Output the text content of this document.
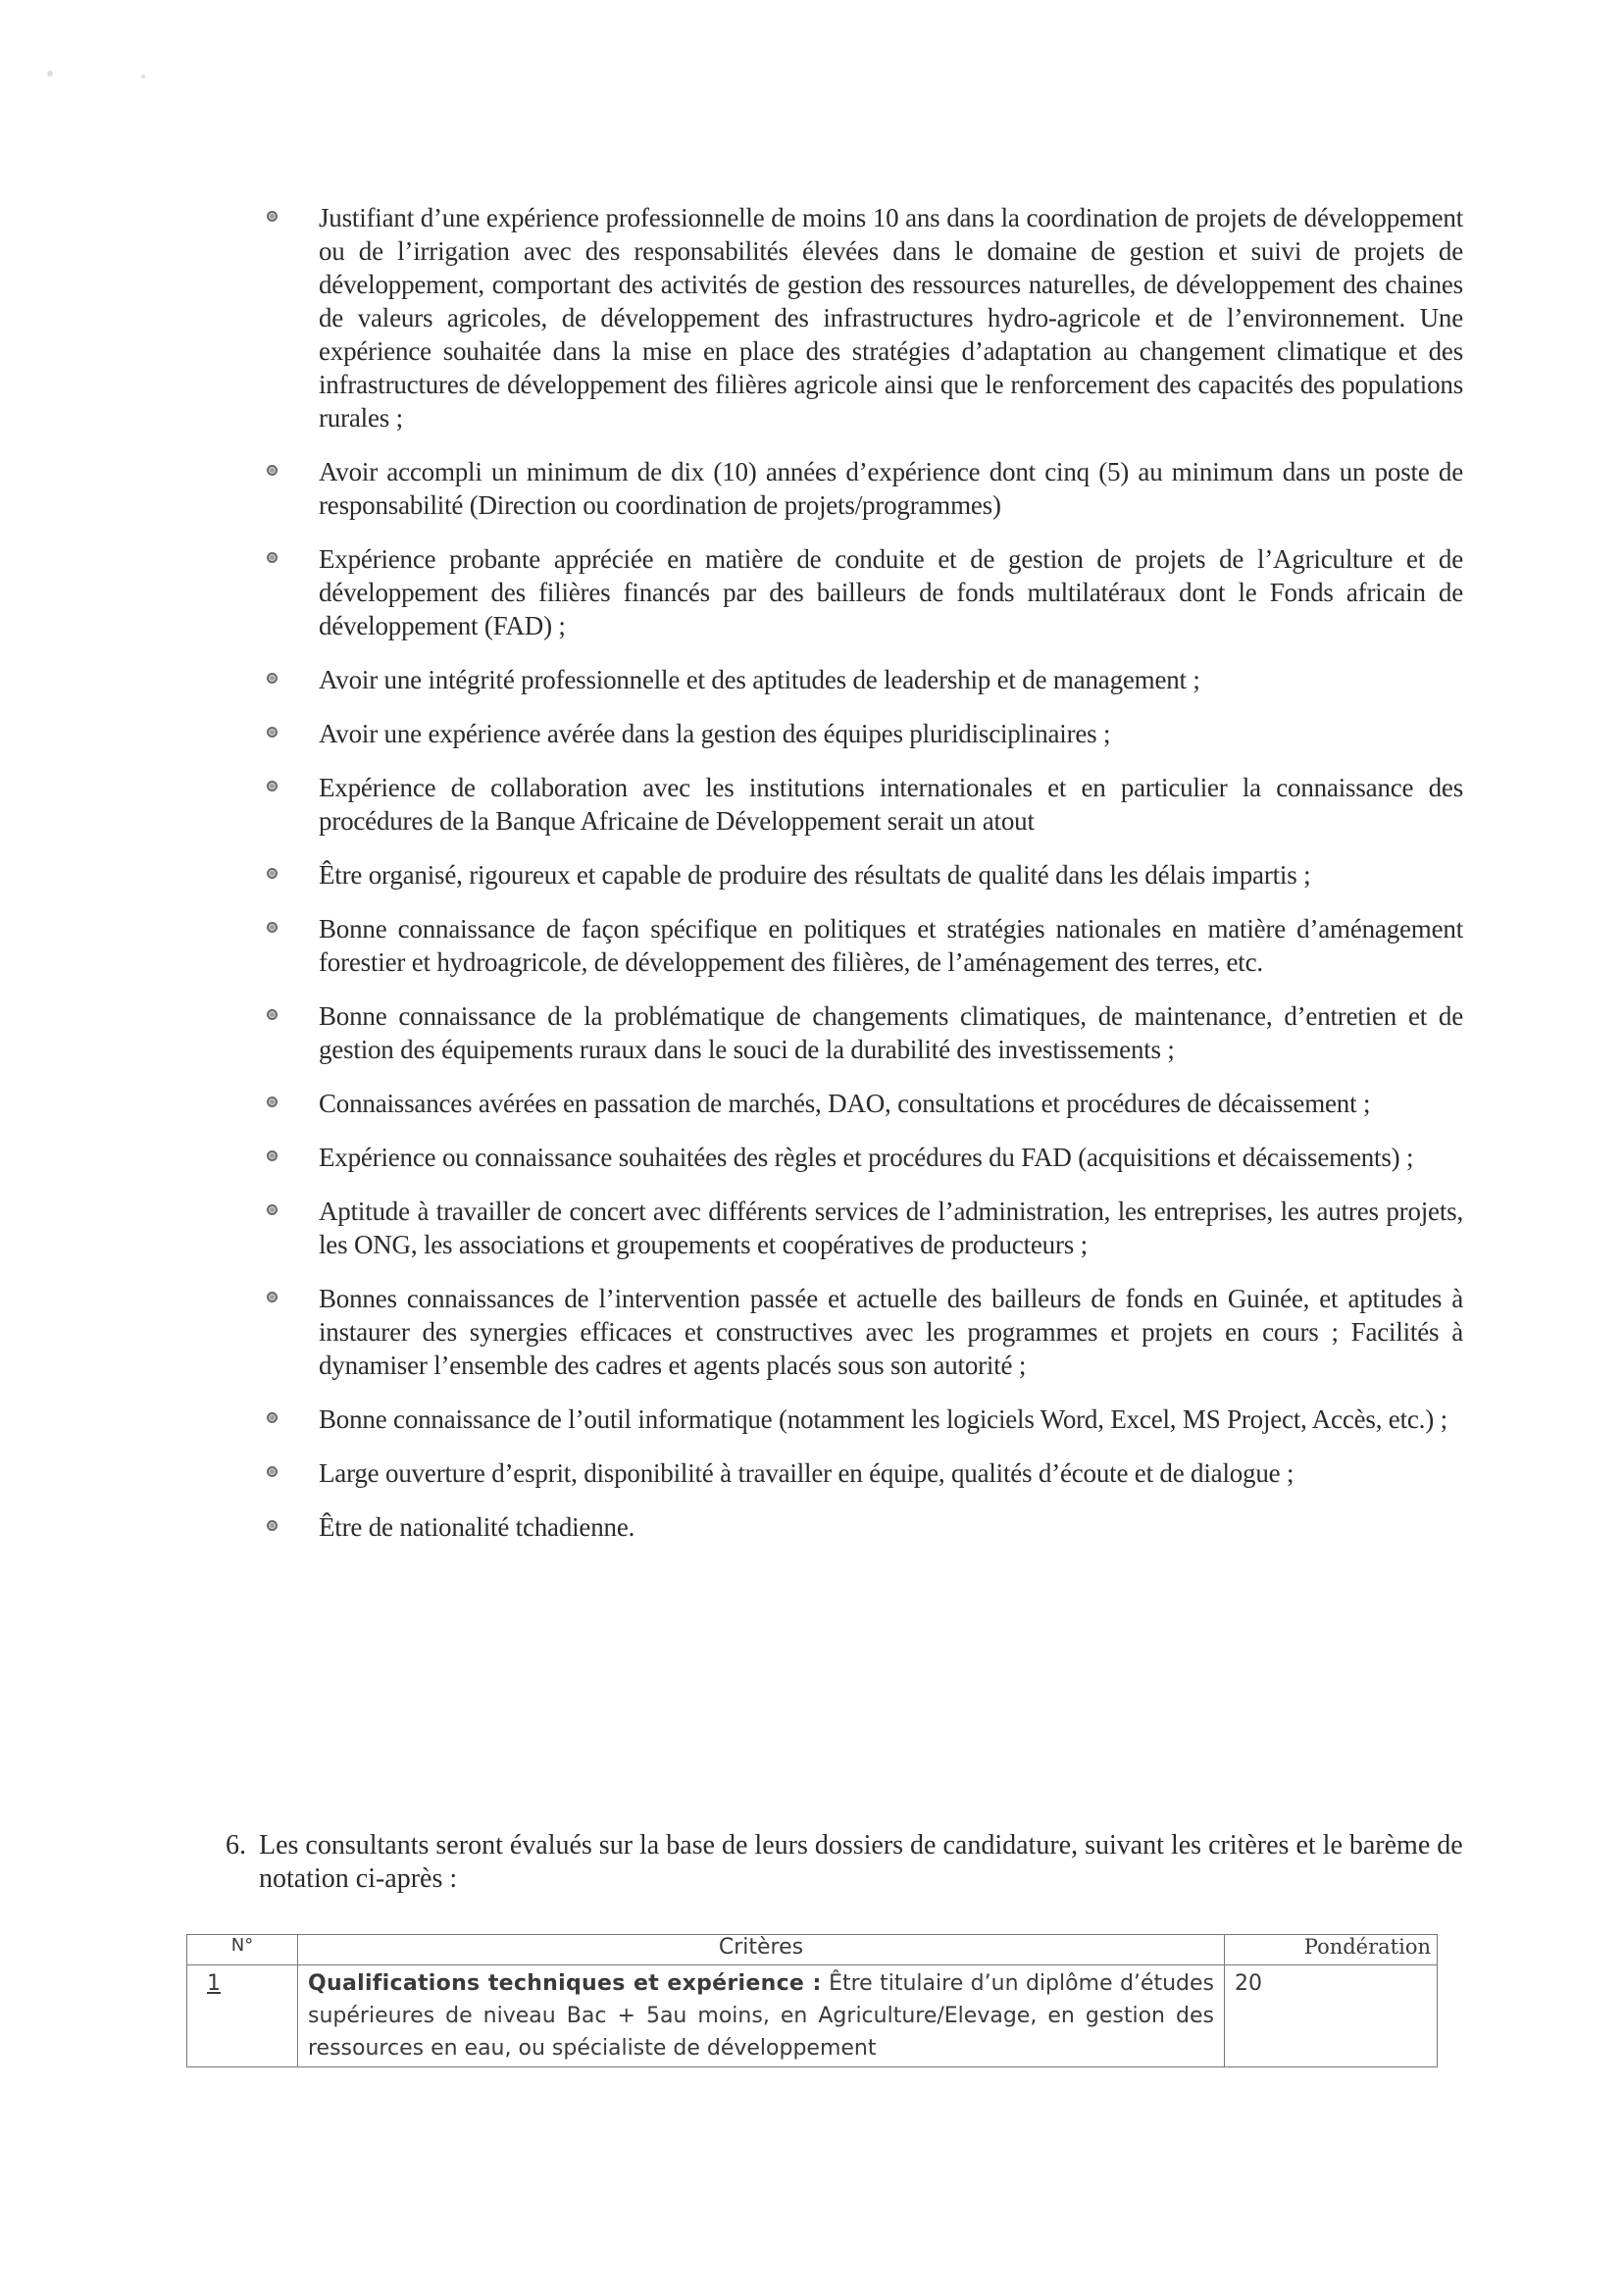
Justifiant d’une expérience professionnelle de moins 10 ans dans la coordination de projets de développement ou de l’irrigation avec des responsabilités élevées dans le domaine de gestion et suivi de projets de développement, comportant des activités de gestion des ressources naturelles, de développement des chaines de valeurs agricoles, de développement des infrastructures hydro-agricole et de l’environnement. Une expérience souhaitée dans la mise en place des stratégies d’adaptation au changement climatique et des infrastructures de développement des filières agricole ainsi que le renforcement des capacités des populations rurales ;
Avoir accompli un minimum de dix (10) années d’expérience dont cinq (5) au minimum dans un poste de responsabilité (Direction ou coordination de projets/programmes)
Expérience probante appréciée en matière de conduite et de gestion de projets de l’Agriculture et de développement des filières financés par des bailleurs de fonds multilatéraux dont le Fonds africain de développement (FAD) ;
Avoir une intégrité professionnelle et des aptitudes de leadership et de management ;
Avoir une expérience avérée dans la gestion des équipes pluridisciplinaires ;
Expérience de collaboration avec les institutions internationales et en particulier la connaissance des procédures de la Banque Africaine de Développement serait un atout
Être organisé, rigoureux et capable de produire des résultats de qualité dans les délais impartis ;
Bonne connaissance de façon spécifique en politiques et stratégies nationales en matière d’aménagement forestier et hydroagricole, de développement des filières, de l’aménagement des terres, etc.
Bonne connaissance de la problématique de changements climatiques, de maintenance, d’entretien et de gestion des équipements ruraux dans le souci de la durabilité des investissements ;
Connaissances avérées en passation de marchés, DAO, consultations et procédures de décaissement ;
Expérience ou connaissance souhaitées des règles et procédures du FAD (acquisitions et décaissements) ;
Aptitude à travailler de concert avec différents services de l’administration, les entreprises, les autres projets, les ONG, les associations et groupements et coopératives de producteurs ;
Bonnes connaissances de l’intervention passée et actuelle des bailleurs de fonds en Guinée, et aptitudes à instaurer des synergies efficaces et constructives avec les programmes et projets en cours ; Facilités à dynamiser l’ensemble des cadres et agents placés sous son autorité ;
Bonne connaissance de l’outil informatique (notamment les logiciels Word, Excel, MS Project, Accès, etc.) ;
Large ouverture d’esprit, disponibilité à travailler en équipe, qualités d’écoute et de dialogue ;
Être de nationalité tchadienne.
6. Les consultants seront évalués sur la base de leurs dossiers de candidature, suivant les critères et le barème de notation ci-après :
N°	Critères	Pondération
1	Qualifications techniques et expérience : Être titulaire d’un diplôme d’études supérieures de niveau Bac + 5au moins, en Agriculture/Elevage, en gestion des ressources en eau, ou spécialiste de développement	20
